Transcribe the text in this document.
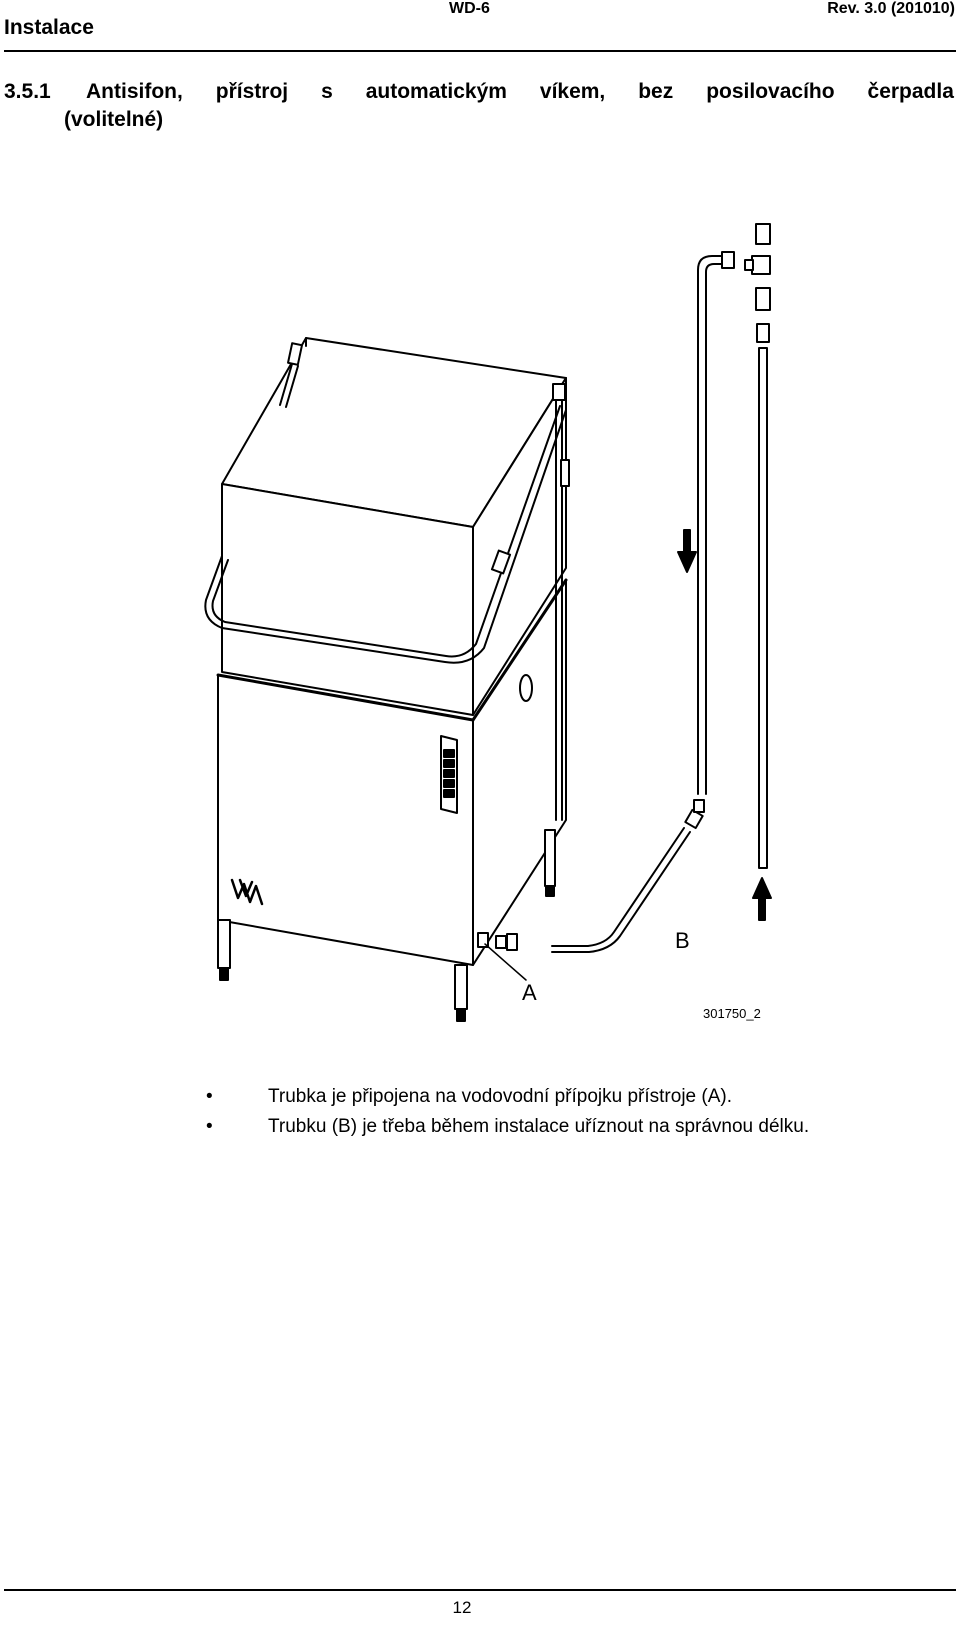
Instalace
WD-6	Rev. 3.0 (201010)
3.5.1 Antisifon, přístroj s automatickým víkem, bez posilovacího čerpadla
(volitelné)
A
B
301750_2
•	Trubka je připojena na vodovodní přípojku přístroje (A).
•	Trubku (B) je třeba během instalace uříznout na správnou délku.
12
